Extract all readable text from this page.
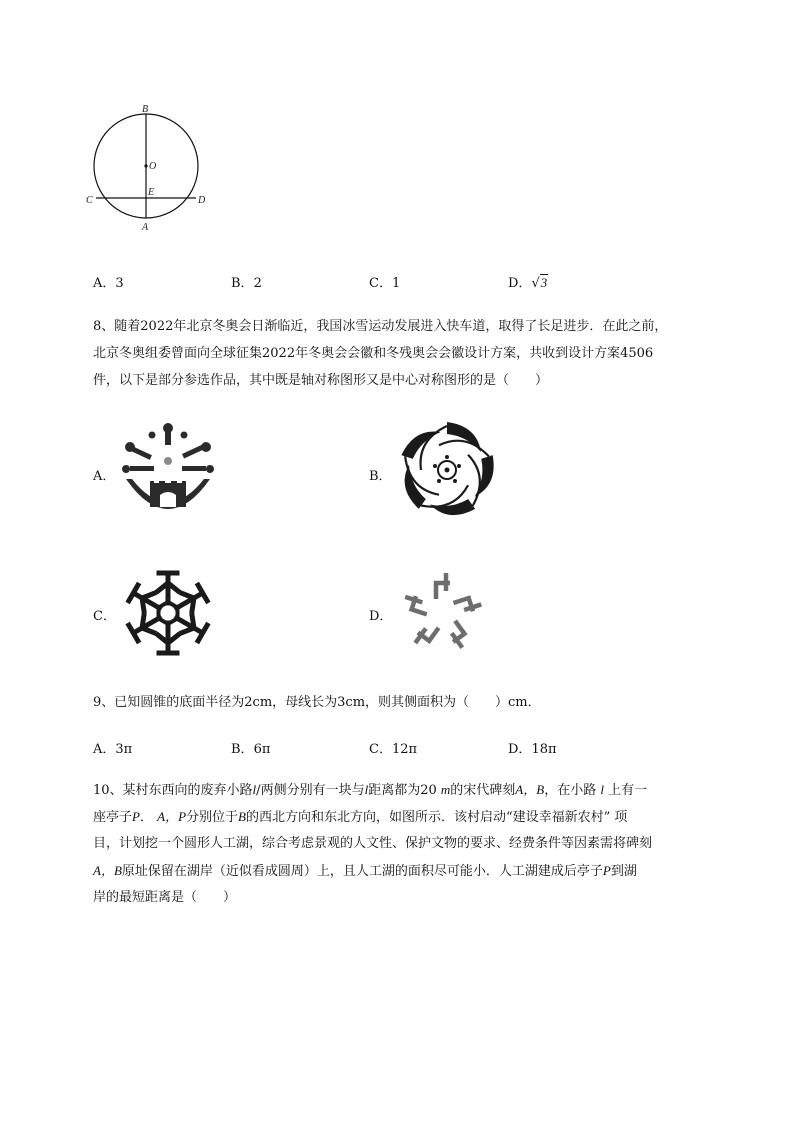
B
O
E
C	D
A
A．3	B．2	C．1	D．√3
8、随着2022年北京冬奥会日渐临近，我国冰雪运动发展进入快车道，取得了长足进步．在此之前，
北京冬奥组委曾面向全球征集2022年冬奥会会徽和冬残奥会会徽设计方案，共收到设计方案4506
件，以下是部分参选作品，其中既是轴对称图形又是中心对称图形的是（　　）
A．	B．
C．	D．
9、已知圆锥的底面半径为2cm，母线长为3cm，则其侧面积为（　　）cm．
A．3π	B．6π	C．12π	D．18π
10、某村东西向的废弃小路l/两侧分别有一块与l距离都为20 m的宋代碑刻A，B，在小路 l 上有一
座亭子P． A，P分别位于B的西北方向和东北方向，如图所示．该村启动“建设幸福新农村” 项
目，计划挖一个圆形人工湖，综合考虑景观的人文性、保护文物的要求、经费条件等因素需将碑刻
A，B原址保留在湖岸（近似看成圆周）上，且人工湖的面积尽可能小．人工湖建成后亭子P到湖
岸的最短距离是（　　）
